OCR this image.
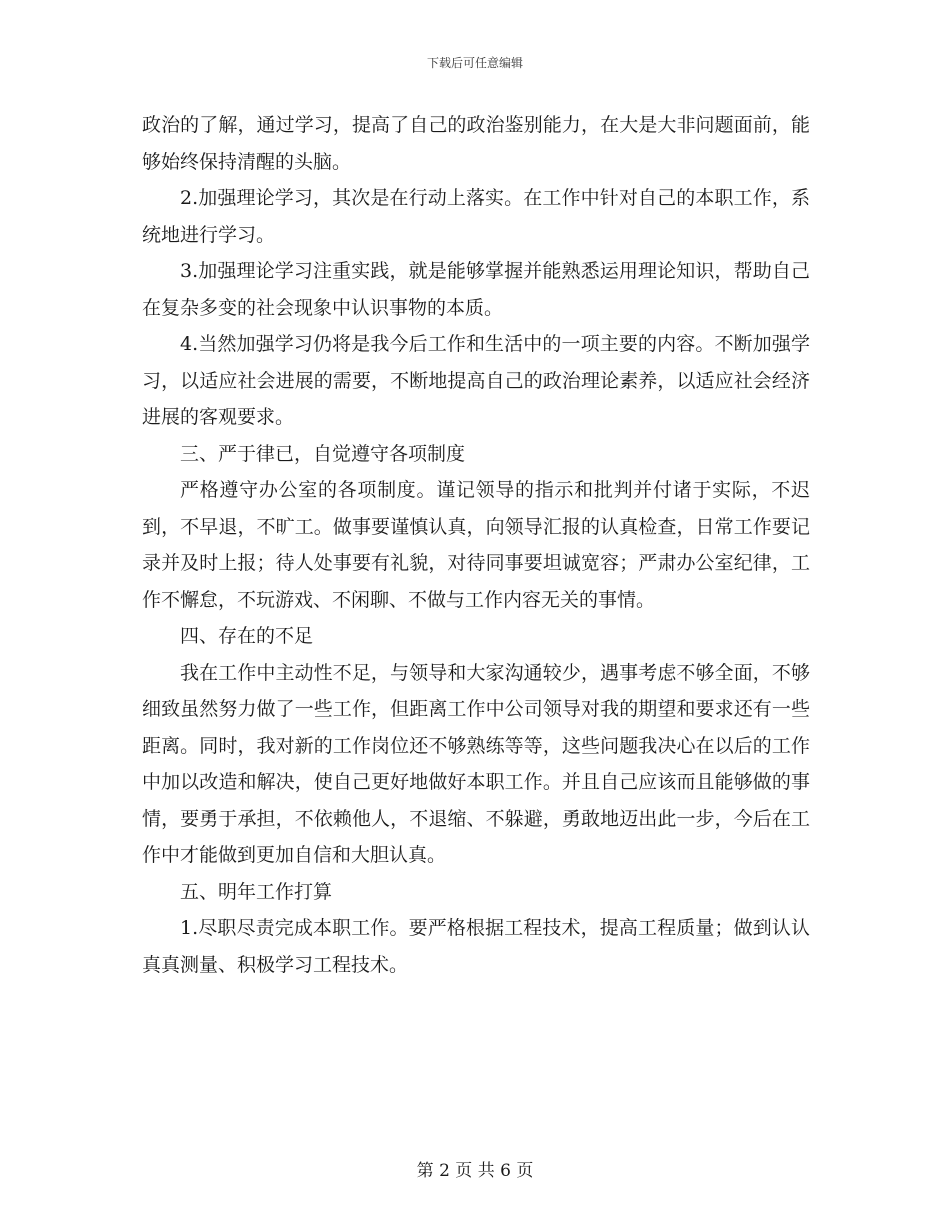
下载后可任意编辑

政治的了解，通过学习，提高了自己的政治鉴别能力，在大是大非问题面前，能够始终保持清醒的头脑。

2.加强理论学习，其次是在行动上落实。在工作中针对自己的本职工作，系统地进行学习。

3.加强理论学习注重实践，就是能够掌握并能熟悉运用理论知识，帮助自己在复杂多变的社会现象中认识事物的本质。

4.当然加强学习仍将是我今后工作和生活中的一项主要的内容。不断加强学习，以适应社会进展的需要，不断地提高自己的政治理论素养，以适应社会经济进展的客观要求。

三、严于律已，自觉遵守各项制度

严格遵守办公室的各项制度。谨记领导的指示和批判并付诸于实际，不迟到，不早退，不旷工。做事要谨慎认真，向领导汇报的认真检查，日常工作要记录并及时上报；待人处事要有礼貌，对待同事要坦诚宽容；严肃办公室纪律，工作不懈怠，不玩游戏、不闲聊、不做与工作内容无关的事情。

四、存在的不足

我在工作中主动性不足，与领导和大家沟通较少，遇事考虑不够全面，不够细致虽然努力做了一些工作，但距离工作中公司领导对我的期望和要求还有一些距离。同时，我对新的工作岗位还不够熟练等等，这些问题我决心在以后的工作中加以改造和解决，使自己更好地做好本职工作。并且自己应该而且能够做的事情，要勇于承担，不依赖他人，不退缩、不躲避，勇敢地迈出此一步，今后在工作中才能做到更加自信和大胆认真。

五、明年工作打算

1.尽职尽责完成本职工作。要严格根据工程技术，提高工程质量；做到认认真真测量、积极学习工程技术。

第 2 页 共 6 页
